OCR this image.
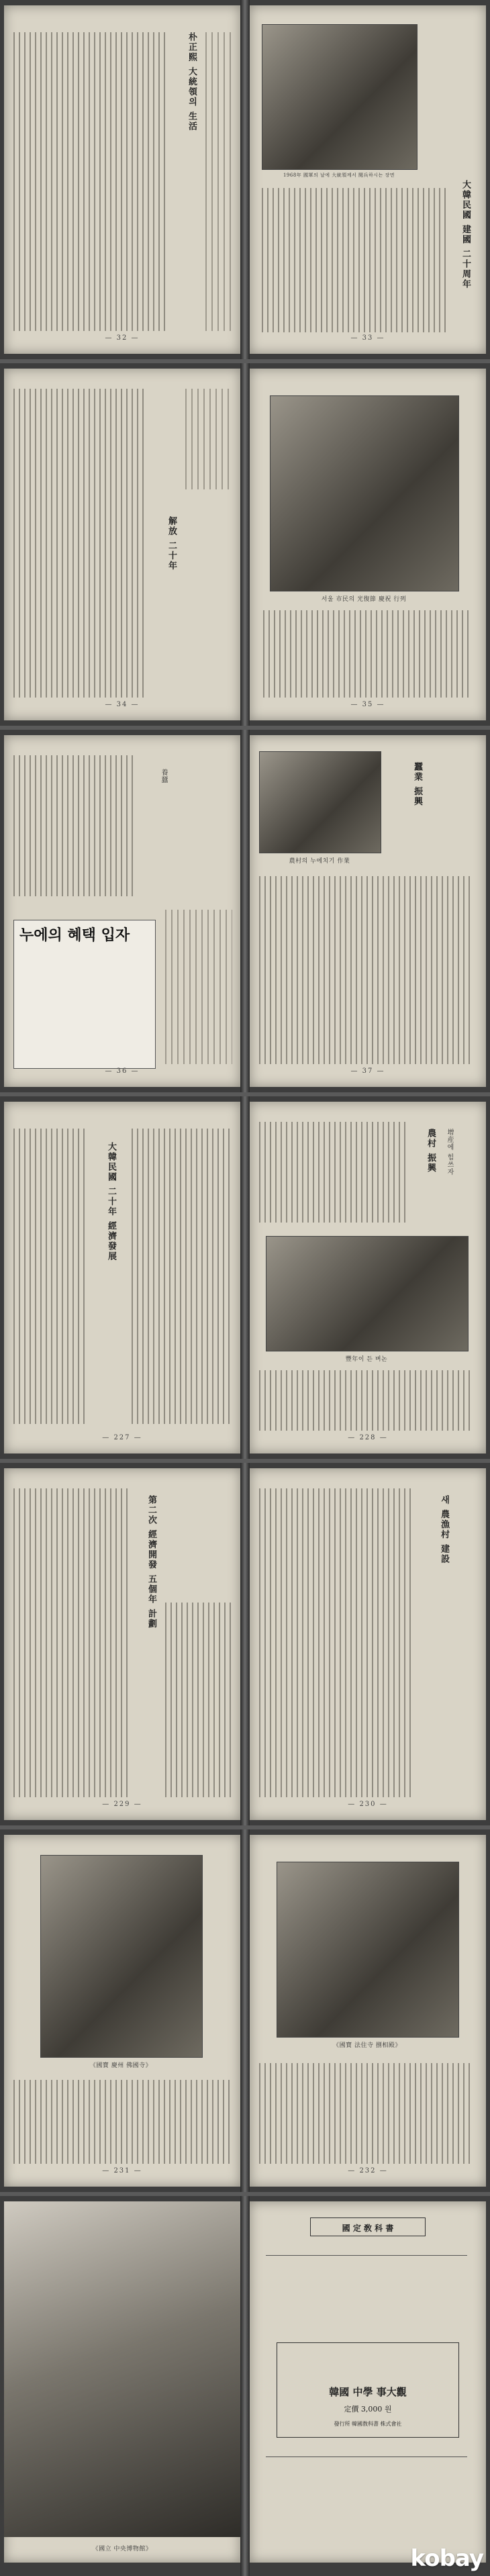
朴正熙 大統領의 生活
— 32 —
1968年 國軍의 날에 大統領께서 閱兵하시는 장면
大韓民國 建國 二十周年
— 33 —
解放 二十年
— 34 —
서울 市民의 光復節 慶祝 行列
— 35 —
養蠶
누에의 혜택 입자
— 36 —
農村의 누에치기 作業
蠶業 振興
— 37 —
大韓民國 二十年 經濟發展
— 227 —
農村 振興 增産에 힘쓰자
豐年이 든 벼논
— 228 —
第二次 經濟開發 五個年 計劃
— 229 —
새 農漁村 建設
— 230 —
《國寶 慶州 佛國寺》
— 231 —
《國寶 法住寺 捌相殿》
— 232 —
《國立 中央博物館》
國 定 敎 科 書
韓國 中學 事大觀
定價 3,000 원
發行所 韓國敎科書 株式會社
kobay
